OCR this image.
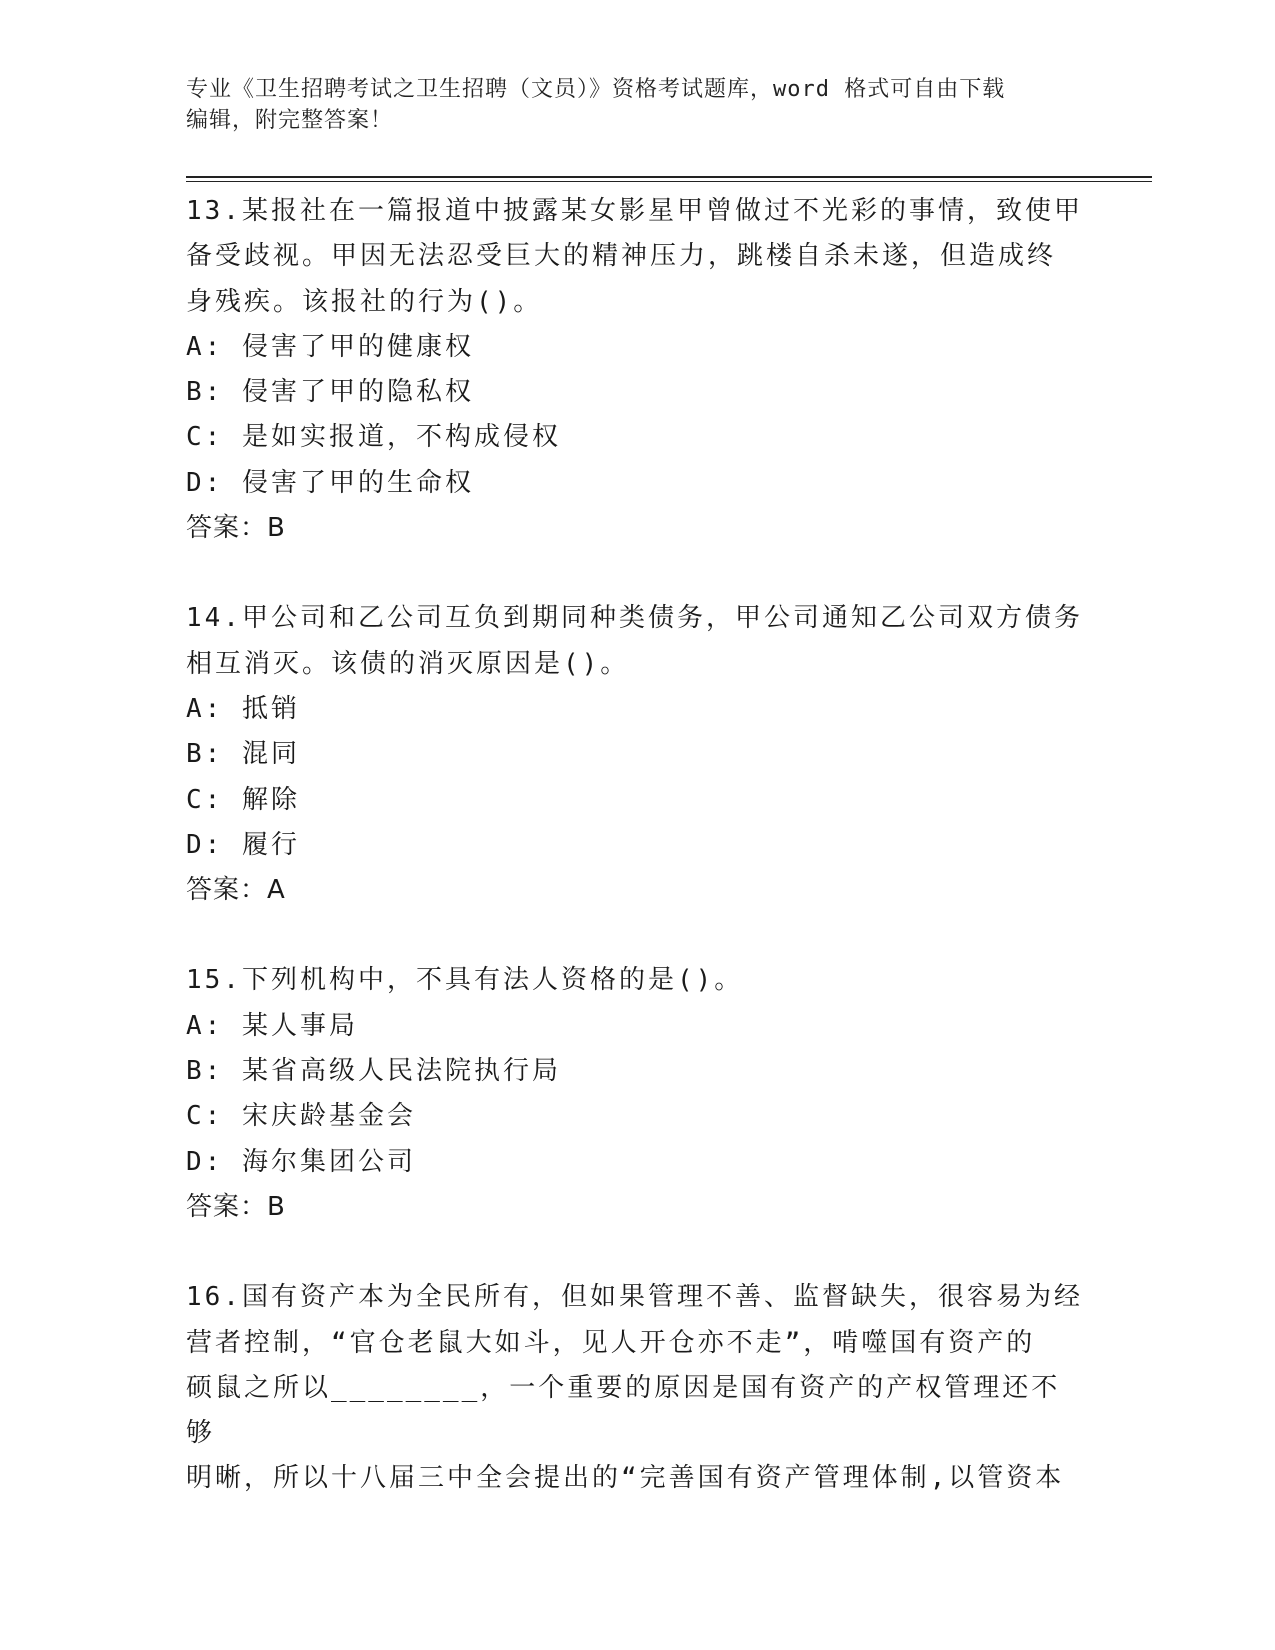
专业《卫生招聘考试之卫生招聘（文员）》资格考试题库，word 格式可自由下载
编辑，附完整答案！
13.某报社在一篇报道中披露某女影星甲曾做过不光彩的事情，致使甲
备受歧视。甲因无法忍受巨大的精神压力，跳楼自杀未遂，但造成终
身残疾。该报社的行为()。
A: 侵害了甲的健康权
B: 侵害了甲的隐私权
C: 是如实报道，不构成侵权
D: 侵害了甲的生命权
答案：B
14.甲公司和乙公司互负到期同种类债务，甲公司通知乙公司双方债务
相互消灭。该债的消灭原因是()。
A: 抵销
B: 混同
C: 解除
D: 履行
答案：A
15.下列机构中，不具有法人资格的是()。
A: 某人事局
B: 某省高级人民法院执行局
C: 宋庆龄基金会
D: 海尔集团公司
答案：B
16.国有资产本为全民所有，但如果管理不善、监督缺失，很容易为经
营者控制，“官仓老鼠大如斗，见人开仓亦不走”，啃噬国有资产的
硕鼠之所以________，一个重要的原因是国有资产的产权管理还不够
明晰，所以十八届三中全会提出的“完善国有资产管理体制,以管资本
